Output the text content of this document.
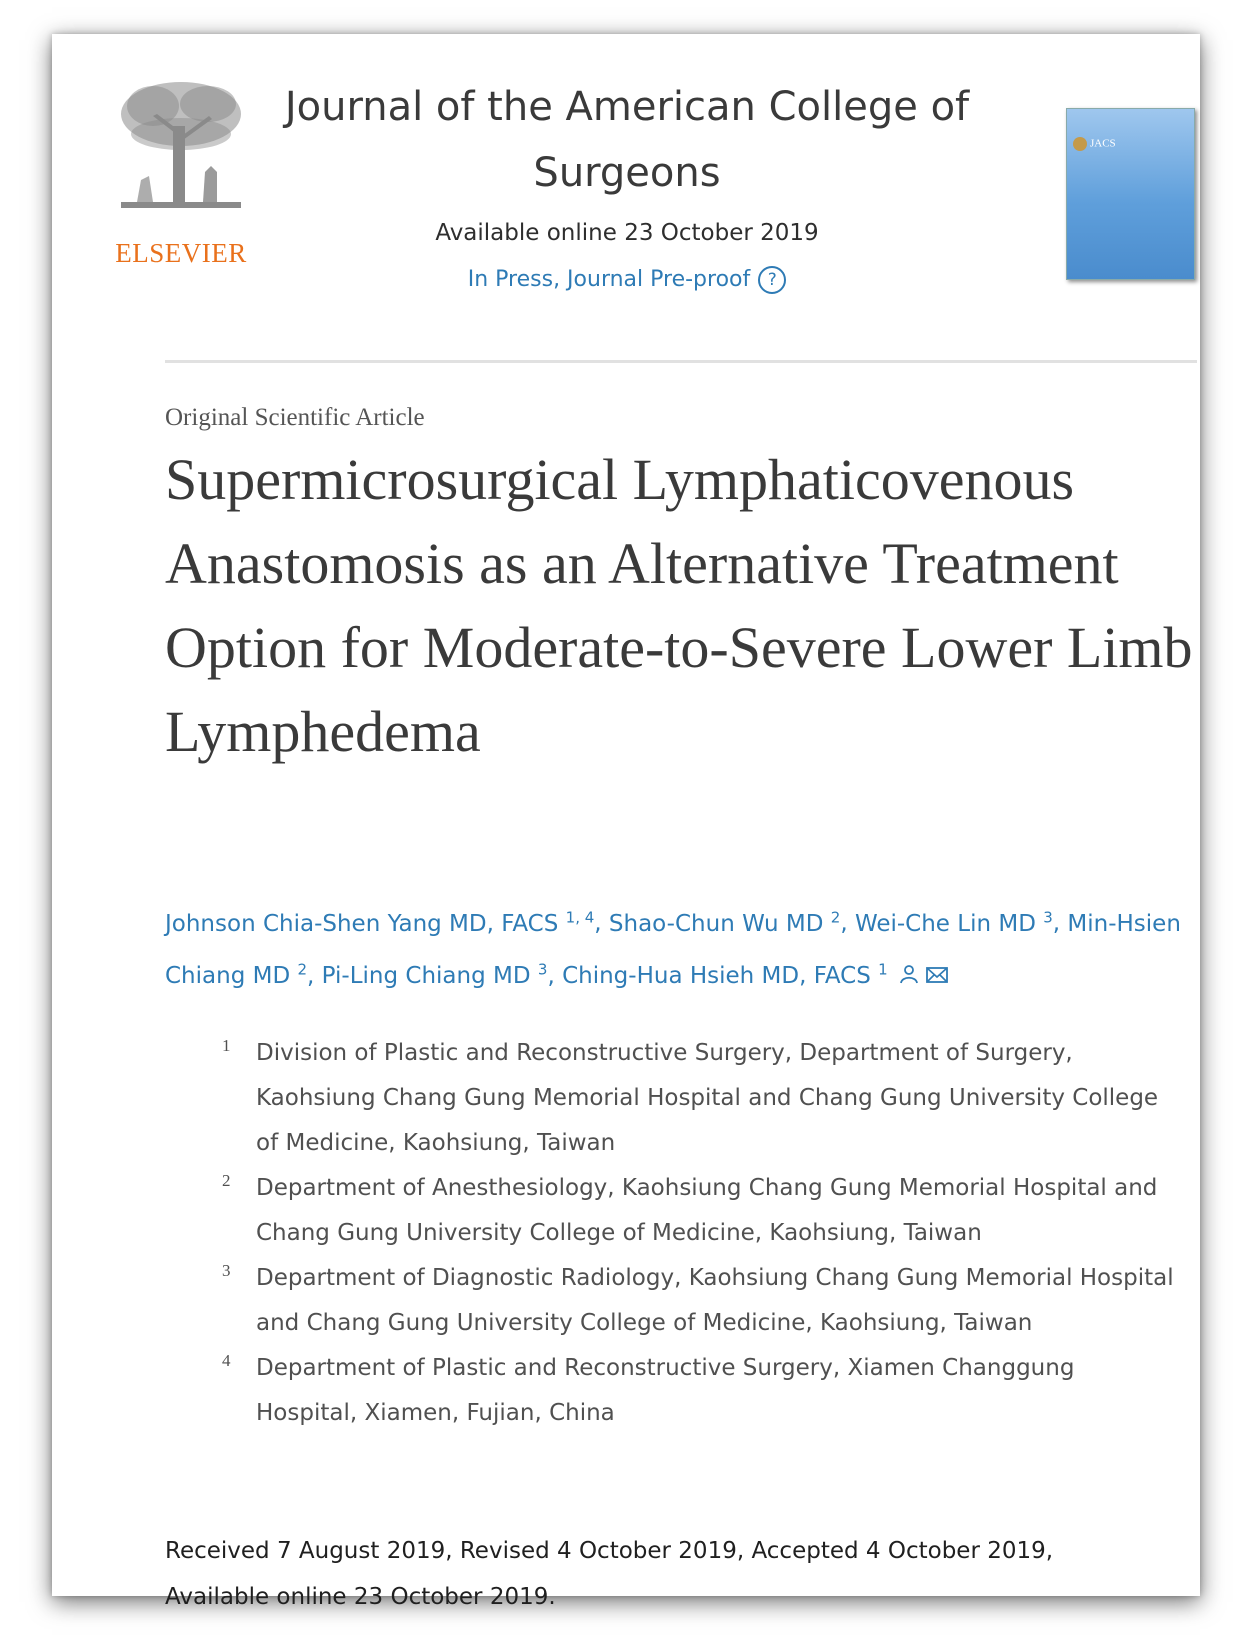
ELSEVIER
Journal of the American College of Surgeons
Available online 23 October 2019
In Press, Journal Pre-proof ?
JACS
Original Scientific Article
Supermicrosurgical Lymphaticovenous Anastomosis as an Alternative Treatment Option for Moderate-to-Severe Lower Limb Lymphedema
Johnson Chia-Shen Yang MD, FACS $^{1, 4}$, Shao-Chun Wu MD $^2$, Wei-Che Lin MD $^3$, Min-Hsien Chiang MD $^2$, Pi-Ling Chiang MD $^3$, Ching-Hua Hsieh MD, FACS $^1$
1 Division of Plastic and Reconstructive Surgery, Department of Surgery, Kaohsiung Chang Gung Memorial Hospital and Chang Gung University College of Medicine, Kaohsiung, Taiwan
2 Department of Anesthesiology, Kaohsiung Chang Gung Memorial Hospital and Chang Gung University College of Medicine, Kaohsiung, Taiwan
3 Department of Diagnostic Radiology, Kaohsiung Chang Gung Memorial Hospital and Chang Gung University College of Medicine, Kaohsiung, Taiwan
4 Department of Plastic and Reconstructive Surgery, Xiamen Changgung Hospital, Xiamen, Fujian, China
Received 7 August 2019, Revised 4 October 2019, Accepted 4 October 2019, Available online 23 October 2019.
